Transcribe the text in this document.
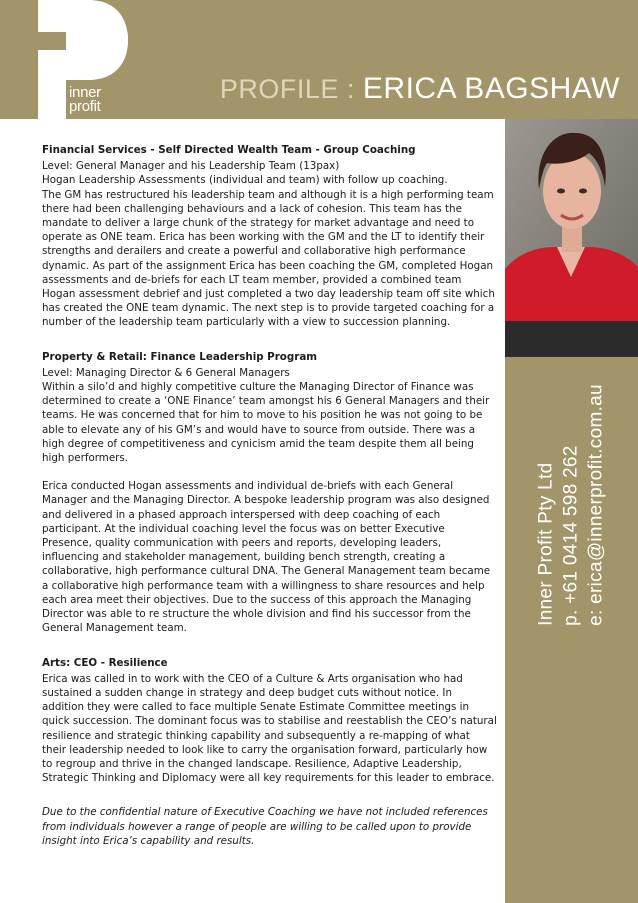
inner
profit
PROFILE : ERICA BAGSHAW
Inner Profit Pty Ltd p. +61 0414 598 262 e: erica@innerprofit.com.au
Financial Services - Self Directed Wealth Team - Group Coaching

Level: General Manager and his Leadership Team (13pax)

Hogan Leadership Assessments (individual and team) with follow up coaching.

The GM has restructured his leadership team and although it is a high performing team there had been challenging behaviours and a lack of cohesion. This team has the mandate to deliver a large chunk of the strategy for market advantage and need to operate as ONE team. Erica has been working with the GM and the LT to identify their strengths and derailers and create a powerful and collaborative high performance dynamic. As part of the assignment Erica has been coaching the GM, completed Hogan assessments and de-briefs for each LT team member, provided a combined team Hogan assessment debrief and just completed a two day leadership team off site which has created the ONE team dynamic. The next step is to provide targeted coaching for a number of the leadership team particularly with a view to succession planning.

Property & Retail: Finance Leadership Program

Level: Managing Director & 6 General Managers

Within a silo’d and highly competitive culture the Managing Director of Finance was determined to create a ‘ONE Finance’ team amongst his 6 General Managers and their teams. He was concerned that for him to move to his position he was not going to be able to elevate any of his GM’s and would have to source from outside. There was a high degree of competitiveness and cynicism amid the team despite them all being high performers.

Erica conducted Hogan assessments and individual de-briefs with each General Manager and the Managing Director. A bespoke leadership program was also designed and delivered in a phased approach interspersed with deep coaching of each participant. At the individual coaching level the focus was on better Executive Presence, quality communication with peers and reports, developing leaders, influencing and stakeholder management, building bench strength, creating a collaborative, high performance cultural DNA. The General Management team became a collaborative high performance team with a willingness to share resources and help each area meet their objectives. Due to the success of this approach the Managing Director was able to re structure the whole division and find his successor from the General Management team.

Arts: CEO - Resilience

Erica was called in to work with the CEO of a Culture & Arts organisation who had sustained a sudden change in strategy and deep budget cuts without notice. In addition they were called to face multiple Senate Estimate Committee meetings in quick succession. The dominant focus was to stabilise and reestablish the CEO’s natural resilience and strategic thinking capability and subsequently a re-mapping of what their leadership needed to look like to carry the organisation forward, particularly how to regroup and thrive in the changed landscape. Resilience, Adaptive Leadership, Strategic Thinking and Diplomacy were all key requirements for this leader to embrace.

Due to the confidential nature of Executive Coaching we have not included references from individuals however a range of people are willing to be called upon to provide insight into Erica’s capability and results.
